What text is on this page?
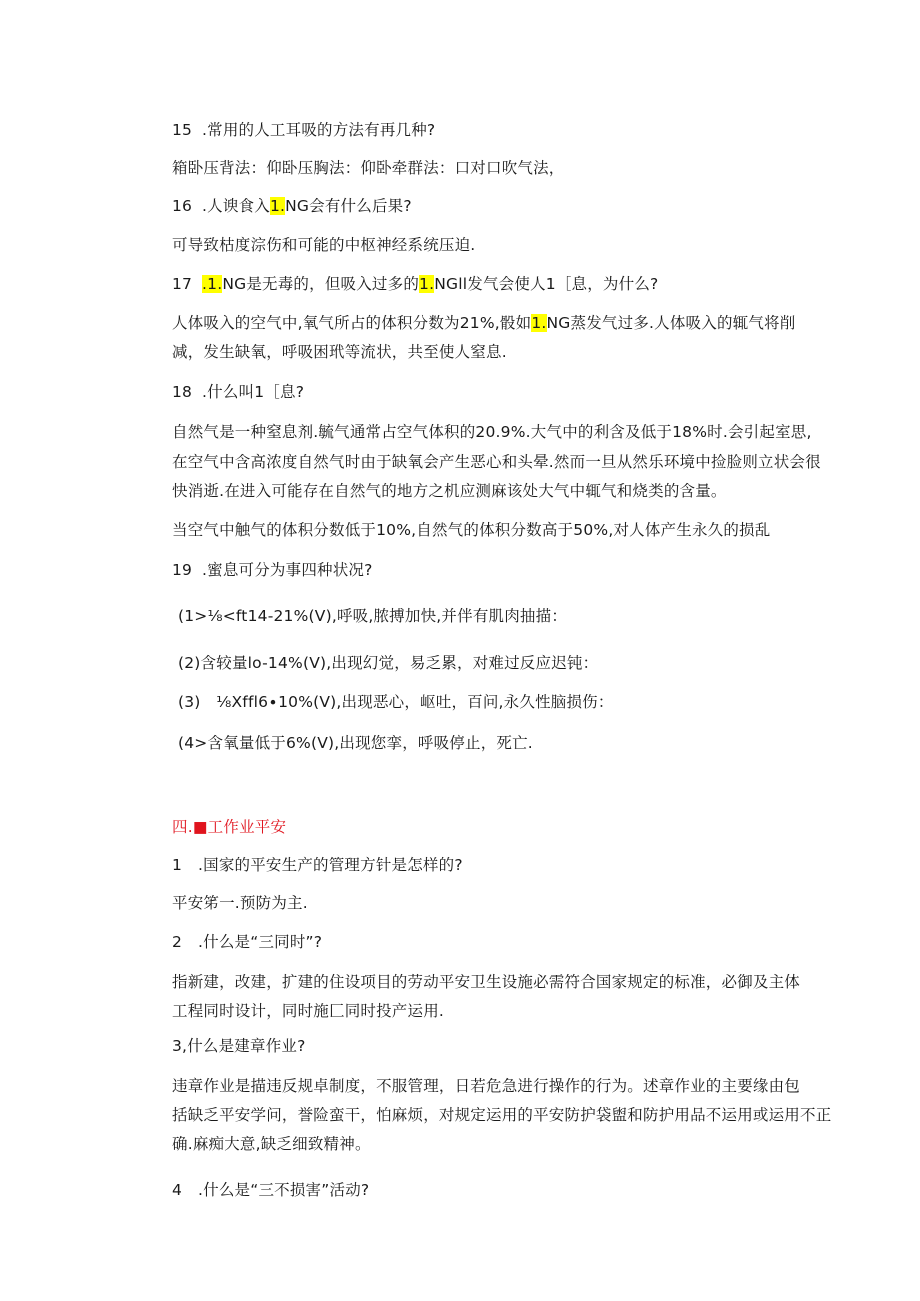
15 .常用的人工耳吸的方法有再几种?
箱卧压背法：仰卧压胸法：仰卧牵群法：口对口吹气法，
16 .人谀食入1.NG会有什么后果?
可导致枯度淙伤和可能的中枢神经系统压迫.
17 .1.NG是无毒的，但吸入过多的1.NGll发气会使人1［息，为什么?
人体吸入的空气中,氧气所占的体积分数为21%,骰如1.NG蒸发气过多.人体吸入的辄气将削
减，发生缺氧，呼吸困玳等流状，共至使人窒息.
18 .什么叫1［息?
自然气是一种窒息剂.毓气通常占空气体积的20.9%.大气中的利含及低于18%时.会引起室思,
在空气中含高浓度自然气时由于缺氧会产生恶心和头晕.然而一旦从然乐环境中捡脸则立状会很
快消逝.在进入可能存在自然气的地方之机应测麻该处大气中辄气和烧类的含量。
当空气中触气的体积分数低于10%,自然气的体积分数高于50%,对人体产生永久的损乱
19 .蜜息可分为事四种状况?
(1>⅛<ft14-21%(V),呼吸,脓搏加快,并伴有肌肉抽描：
(2)含较量lo-14%(V),出现幻觉，易乏累，对难过反应迟钝：
(3)　⅛Xffl6∙10%(V),出现恶心，岖吐，百问,永久性脑损伤：
(4>含氧量低于6%(V),出现您挛，呼吸停止，死亡.
四.■工作业平安
1 .国家的平安生产的管理方针是怎样的?
平安笫一.预防为主.
2 .什么是“三同时”?
指新建，改建，扩建的住设项目的劳动平安卫生设施必需符合国家规定的标准，必御及主体
工程同时设计，同时施匚同时投产运用.
3,什么是建章作业?
违章作业是描违反规卓制度，不服管理，日若危急进行操作的行为。述章作业的主要缘由包
括缺乏平安学问，誉险蛮干，怕麻烦，对规定运用的平安防护袋盥和防护用品不运用或运用不正
确.麻痴大意,缺乏细致精神。
4 .什么是“三不损害”活动?
